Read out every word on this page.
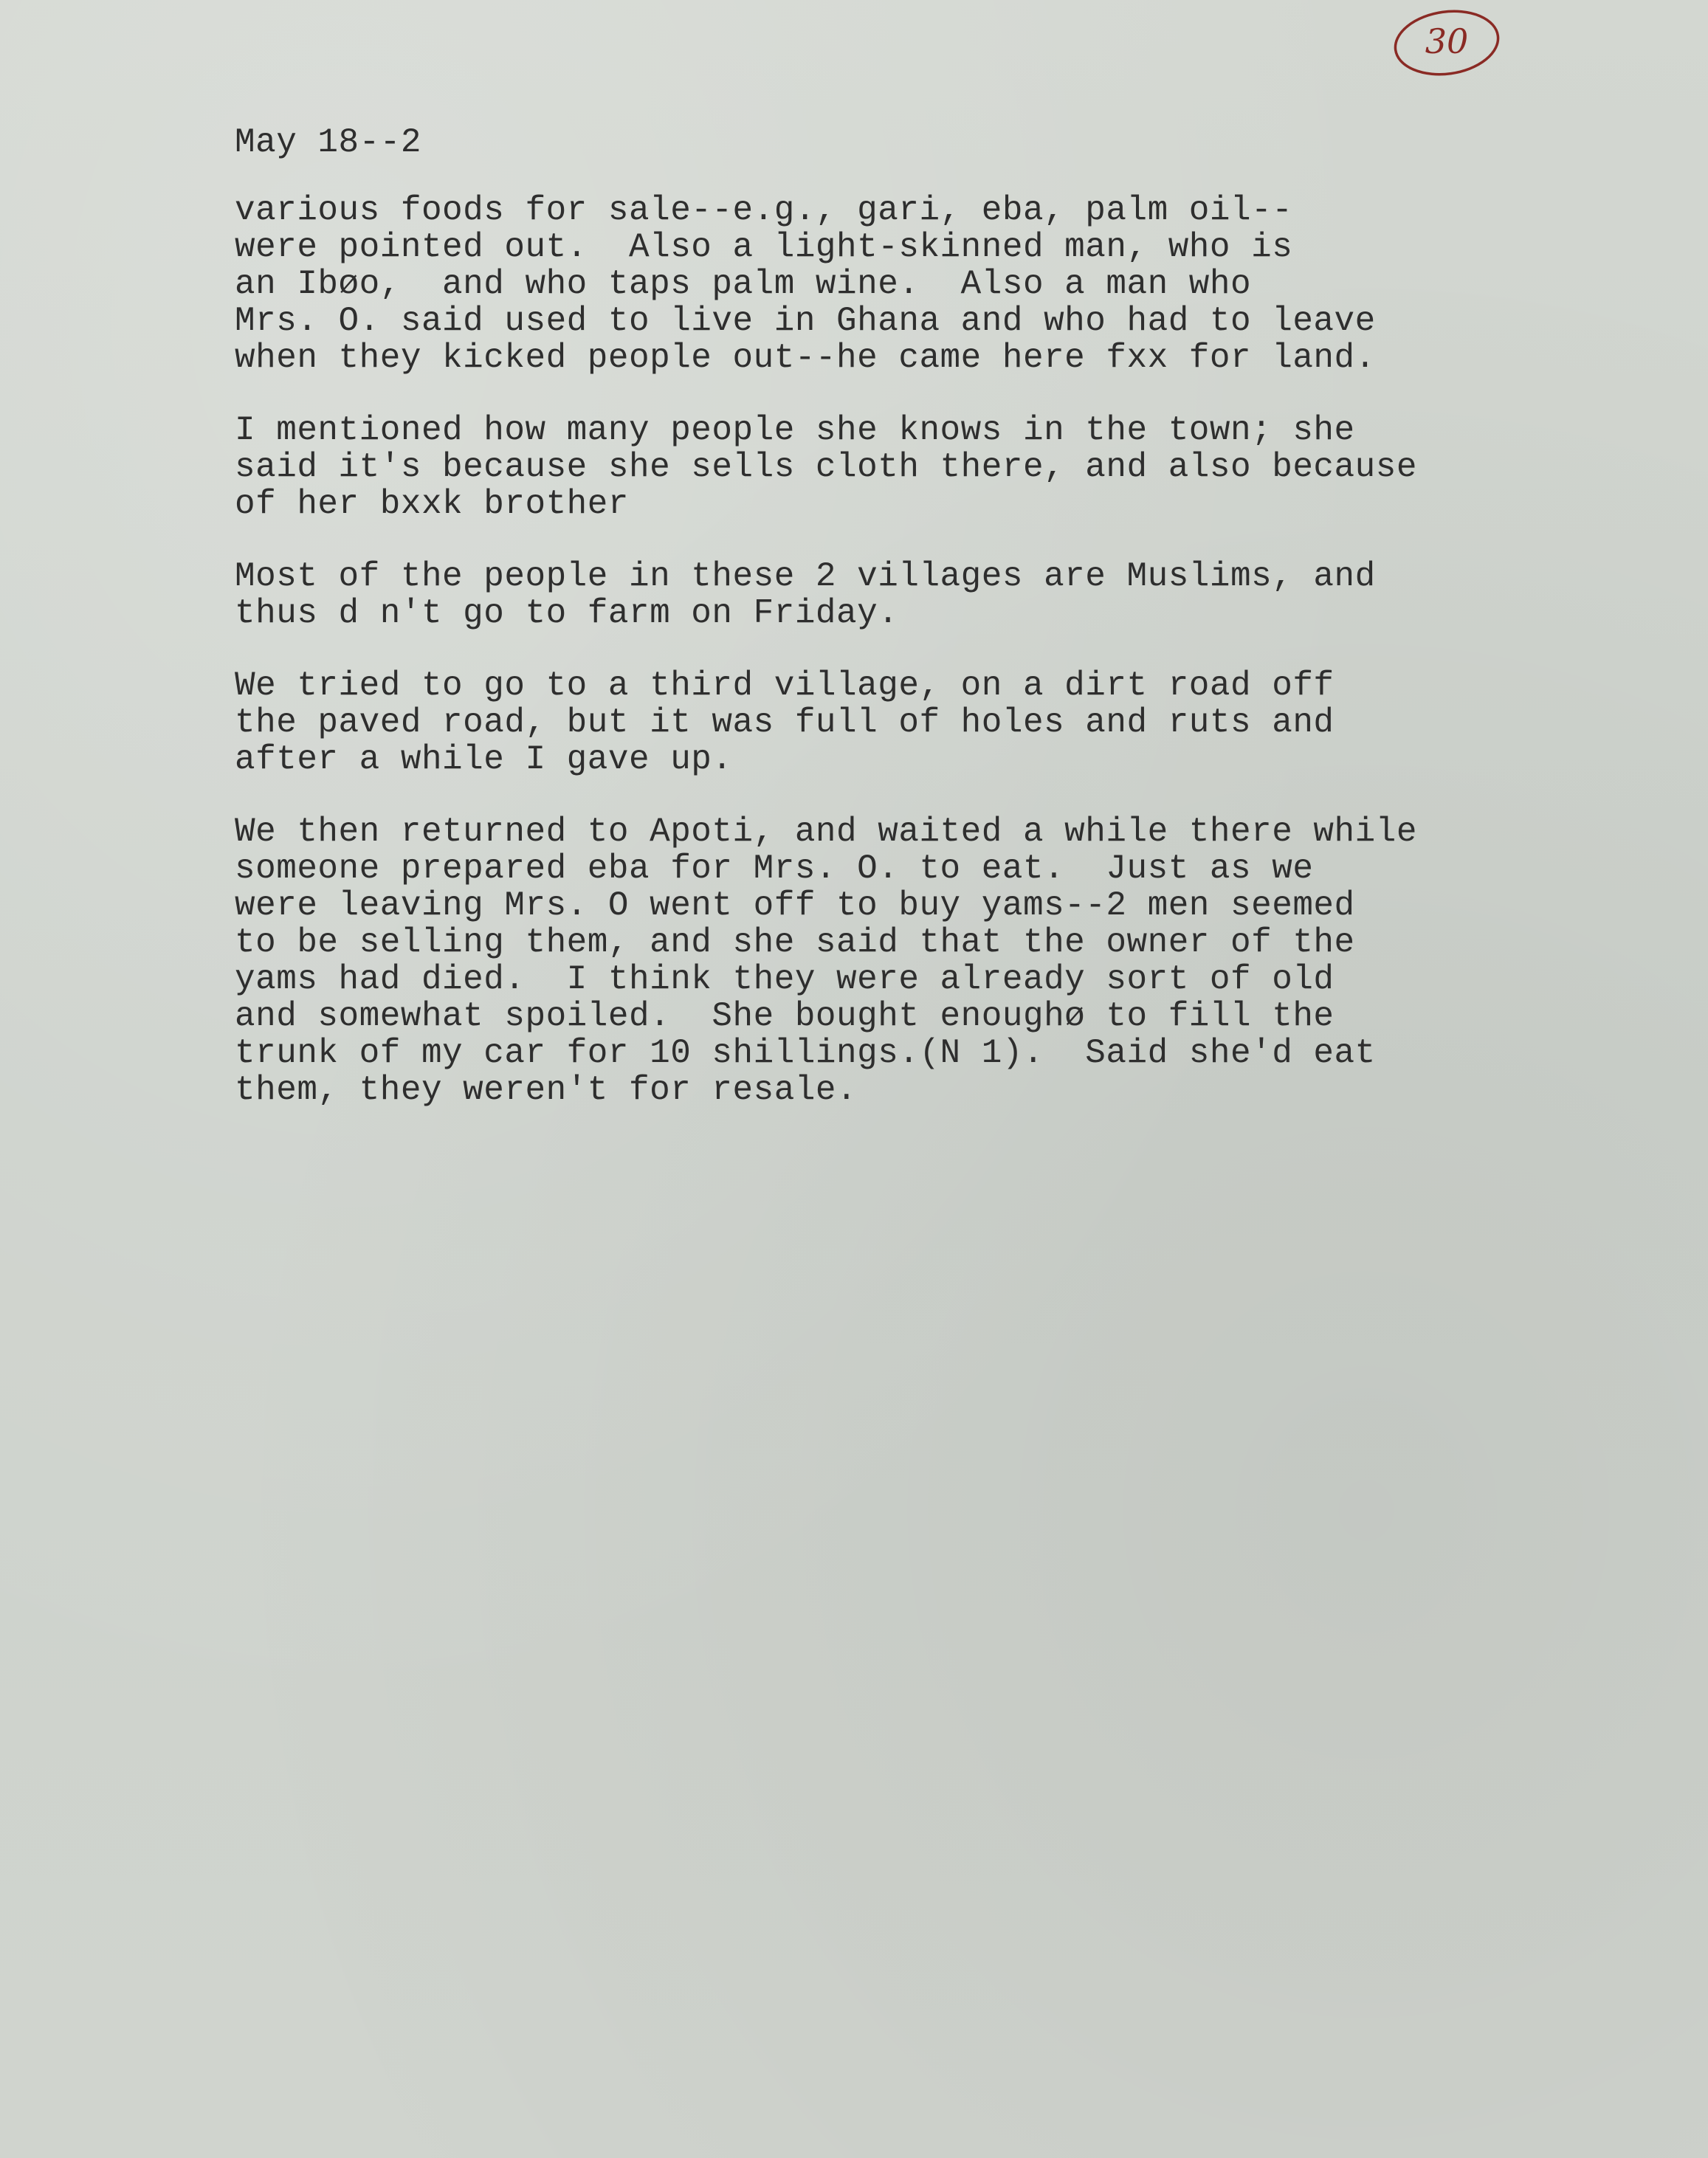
30
May 18--2
various foods for sale--e.g., gari, eba, palm oil--
were pointed out.  Also a light-skinned man, who is
an Ibøo,  and who taps palm wine.  Also a man who
Mrs. O. said used to live in Ghana and who had to leave
when they kicked people out--he came here fxx for land.
I mentioned how many people she knows in the town; she
said it's because she sells cloth there, and also because
of her bxxk brother
Most of the people in these 2 villages are Muslims, and
thus d n't go to farm on Friday.
We tried to go to a third village, on a dirt road off
the paved road, but it was full of holes and ruts and
after a while I gave up.
We then returned to Apoti, and waited a while there while
someone prepared eba for Mrs. O. to eat.  Just as we
were leaving Mrs. O went off to buy yams--2 men seemed
to be selling them, and she said that the owner of the
yams had died.  I think they were already sort of old
and somewhat spoiled.  She bought enoughø to fill the
trunk of my car for 10 shillings.(N 1).  Said she'd eat
them, they weren't for resale.
